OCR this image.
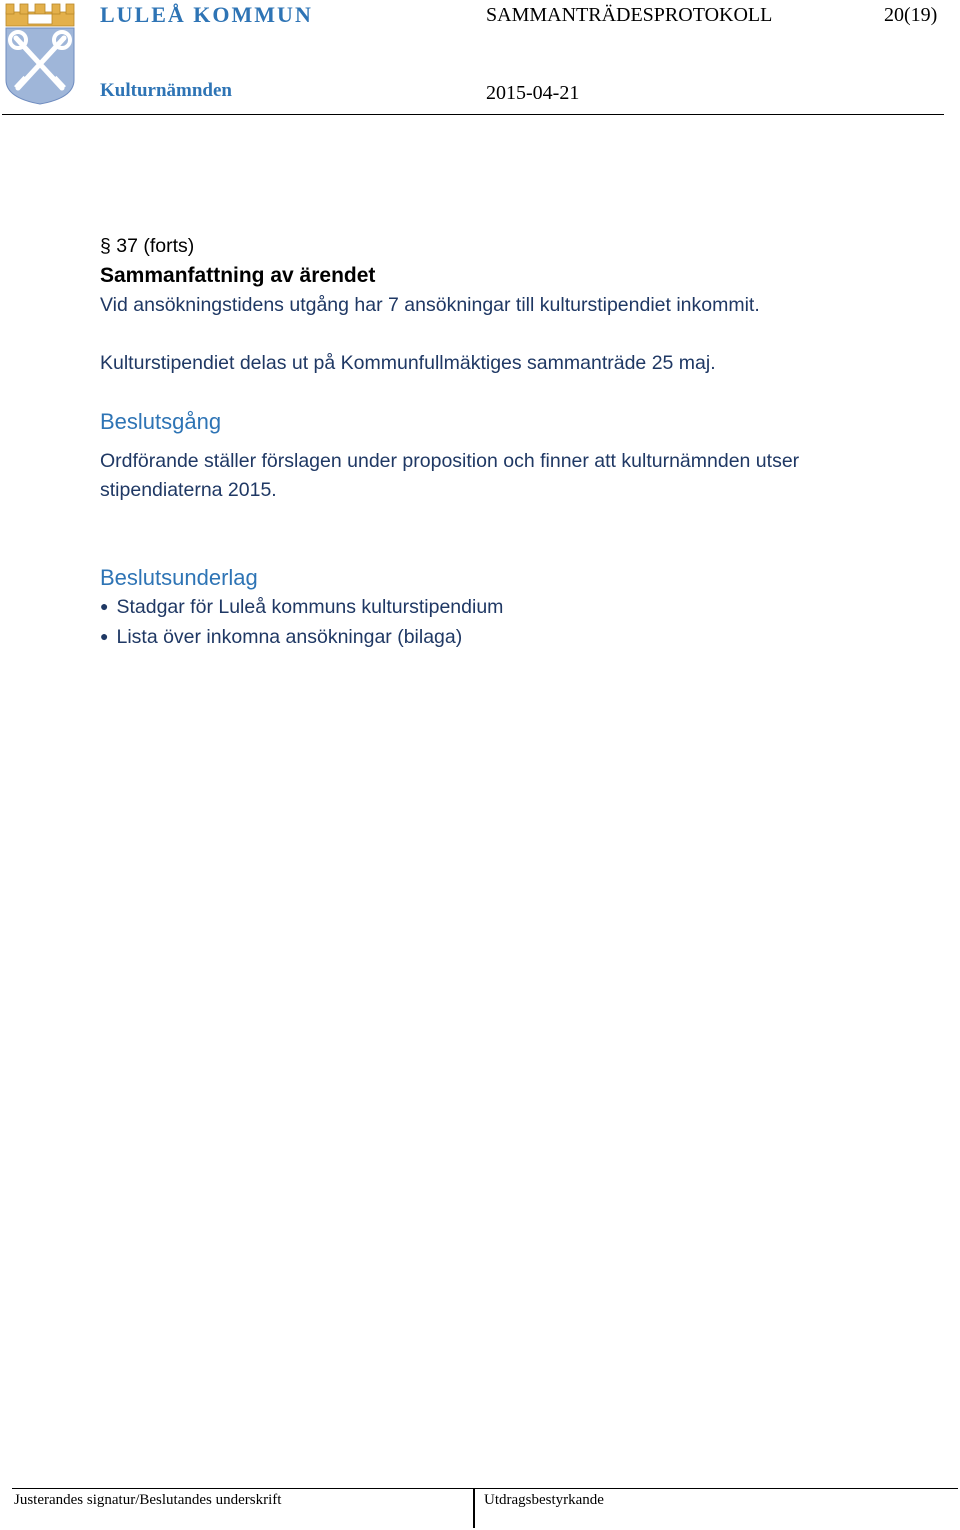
LULEÅ KOMMUN	SAMMANTRÄDESPROTOKOLL	20(19)
Kulturnämnden	2015-04-21

§ 37 (forts)

Sammanfattning av ärendet

Vid ansökningstidens utgång har 7 ansökningar till kulturstipendiet inkommit.

Kulturstipendiet delas ut på Kommunfullmäktiges sammanträde 25 maj.

Beslutsgång

Ordförande ställer förslagen under proposition och finner att kulturnämnden utser stipendiaterna 2015.

Beslutsunderlag

● Stadgar för Luleå kommuns kulturstipendium
● Lista över inkomna ansökningar (bilaga)
Justerandes signatur/Beslutandes underskrift	Utdragsbestyrkande
